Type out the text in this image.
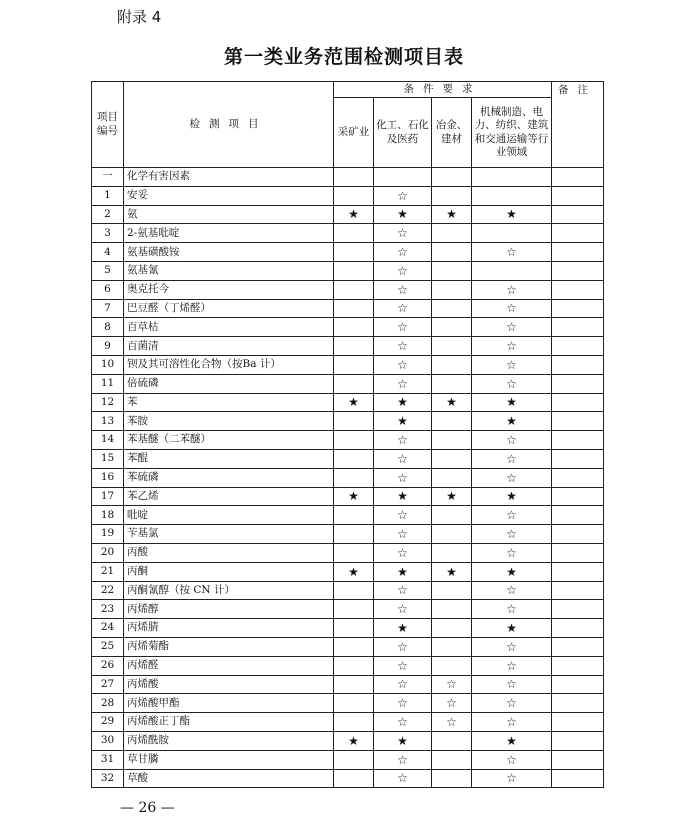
附录 4
第一类业务范围检测项目表
项目编号	检测项目	条件要求				备注
		采矿业	化工、石化及医药	冶金、建材	机械制造、电力、纺织、建筑和交通运输等行业领域	
一	化学有害因素					
1	安妥		☆			
2	氨	★	★	★	★	
3	2-氨基吡啶		☆			
4	氨基磺酸铵		☆		☆	
5	氨基氰		☆			
6	奥克托今		☆		☆	
7	巴豆醛（丁烯醛）		☆		☆	
8	百草枯		☆		☆	
9	百菌清		☆		☆	
10	钡及其可溶性化合物（按Ba 计）		☆		☆	
11	倍硫磷		☆		☆	
12	苯	★	★	★	★	
13	苯胺		★		★	
14	苯基醚（二苯醚）		☆		☆	
15	苯醌		☆		☆	
16	苯硫磷		☆		☆	
17	苯乙烯	★	★	★	★	
18	吡啶		☆		☆	
19	苄基氯		☆		☆	
20	丙酸		☆		☆	
21	丙酮	★	★	★	★	
22	丙酮氰醇（按 CN 计）		☆		☆	
23	丙烯醇		☆		☆	
24	丙烯腈		★		★	
25	丙烯菊酯		☆		☆	
26	丙烯醛		☆		☆	
27	丙烯酸		☆	☆	☆	
28	丙烯酸甲酯		☆	☆	☆	
29	丙烯酸正丁酯		☆	☆	☆	
30	丙烯酰胺	★	★		★	
31	草甘膦		☆		☆	
32	草酸		☆		☆	
— 26 —
